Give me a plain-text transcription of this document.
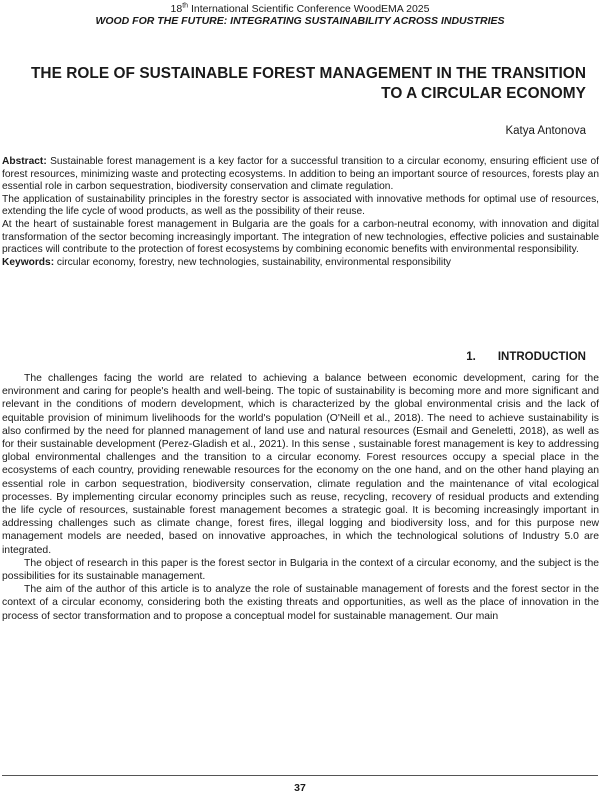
18th International Scientific Conference WoodEMA 2025
WOOD FOR THE FUTURE: INTEGRATING SUSTAINABILITY ACROSS INDUSTRIES
THE ROLE OF SUSTAINABLE FOREST MANAGEMENT IN THE TRANSITION TO A CIRCULAR ECONOMY
Katya Antonova

Abstract: Sustainable forest management is a key factor for a successful transition to a circular economy, ensuring efficient use of forest resources, minimizing waste and protecting ecosystems. In addition to being an important source of resources, forests play an essential role in carbon sequestration, biodiversity conservation and climate regulation.

The application of sustainability principles in the forestry sector is associated with innovative methods for optimal use of resources, extending the life cycle of wood products, as well as the possibility of their reuse.

At the heart of sustainable forest management in Bulgaria are the goals for a carbon-neutral economy, with innovation and digital transformation of the sector becoming increasingly important. The integration of new technologies, effective policies and sustainable practices will contribute to the protection of forest ecosystems by combining economic benefits with environmental responsibility.

Keywords: circular economy, forestry, new technologies, sustainability, environmental responsibility

1. INTRODUCTION

The challenges facing the world are related to achieving a balance between economic development, caring for the environment and caring for people's health and well-being. The topic of sustainability is becoming more and more significant and relevant in the conditions of modern development, which is characterized by the global environmental crisis and the lack of equitable provision of minimum livelihoods for the world's population (O'Neill et al., 2018). The need to achieve sustainability is also confirmed by the need for planned management of land use and natural resources (Esmail and Geneletti, 2018), as well as for their sustainable development (Perez-Gladish et al., 2021). In this sense , sustainable forest management is key to addressing global environmental challenges and the transition to a circular economy. Forest resources occupy a special place in the ecosystems of each country, providing renewable resources for the economy on the one hand, and on the other hand playing an essential role in carbon sequestration, biodiversity conservation, climate regulation and the maintenance of vital ecological processes. By implementing circular economy principles such as reuse, recycling, recovery of residual products and extending the life cycle of resources, sustainable forest management becomes a strategic goal. It is becoming increasingly important in addressing challenges such as climate change, forest fires, illegal logging and biodiversity loss, and for this purpose new management models are needed, based on innovative approaches, in which the technological solutions of Industry 5.0 are integrated.

The object of research in this paper is the forest sector in Bulgaria in the context of a circular economy, and the subject is the possibilities for its sustainable management.

The aim of the author of this article is to analyze the role of sustainable management of forests and the forest sector in the context of a circular economy, considering both the existing threats and opportunities, as well as the place of innovation in the process of sector transformation and to propose a conceptual model for sustainable management. Our main

37
